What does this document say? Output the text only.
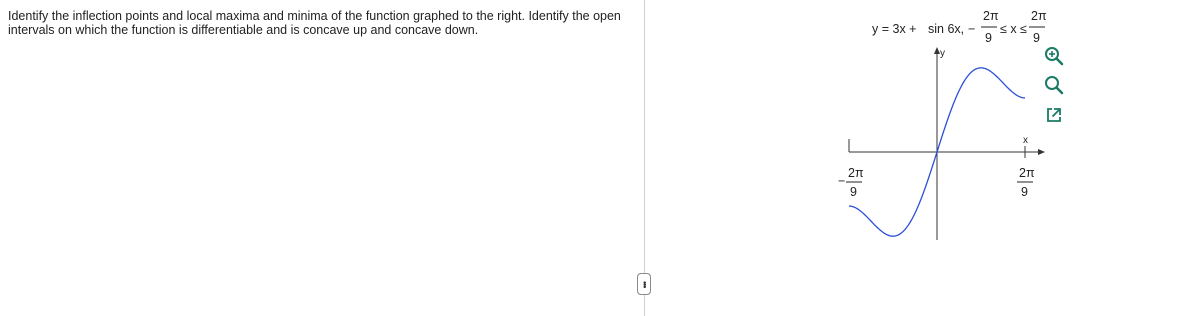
Identify the inflection points and local maxima and minima of the function graphed to the right. Identify the open intervals on which the function is differentiable and is concave up and concave down.
•••
y = 3x + sin 6x, −
2π
9
≤ x ≤
2π
9
y
x
−
2π
9
2π
9
